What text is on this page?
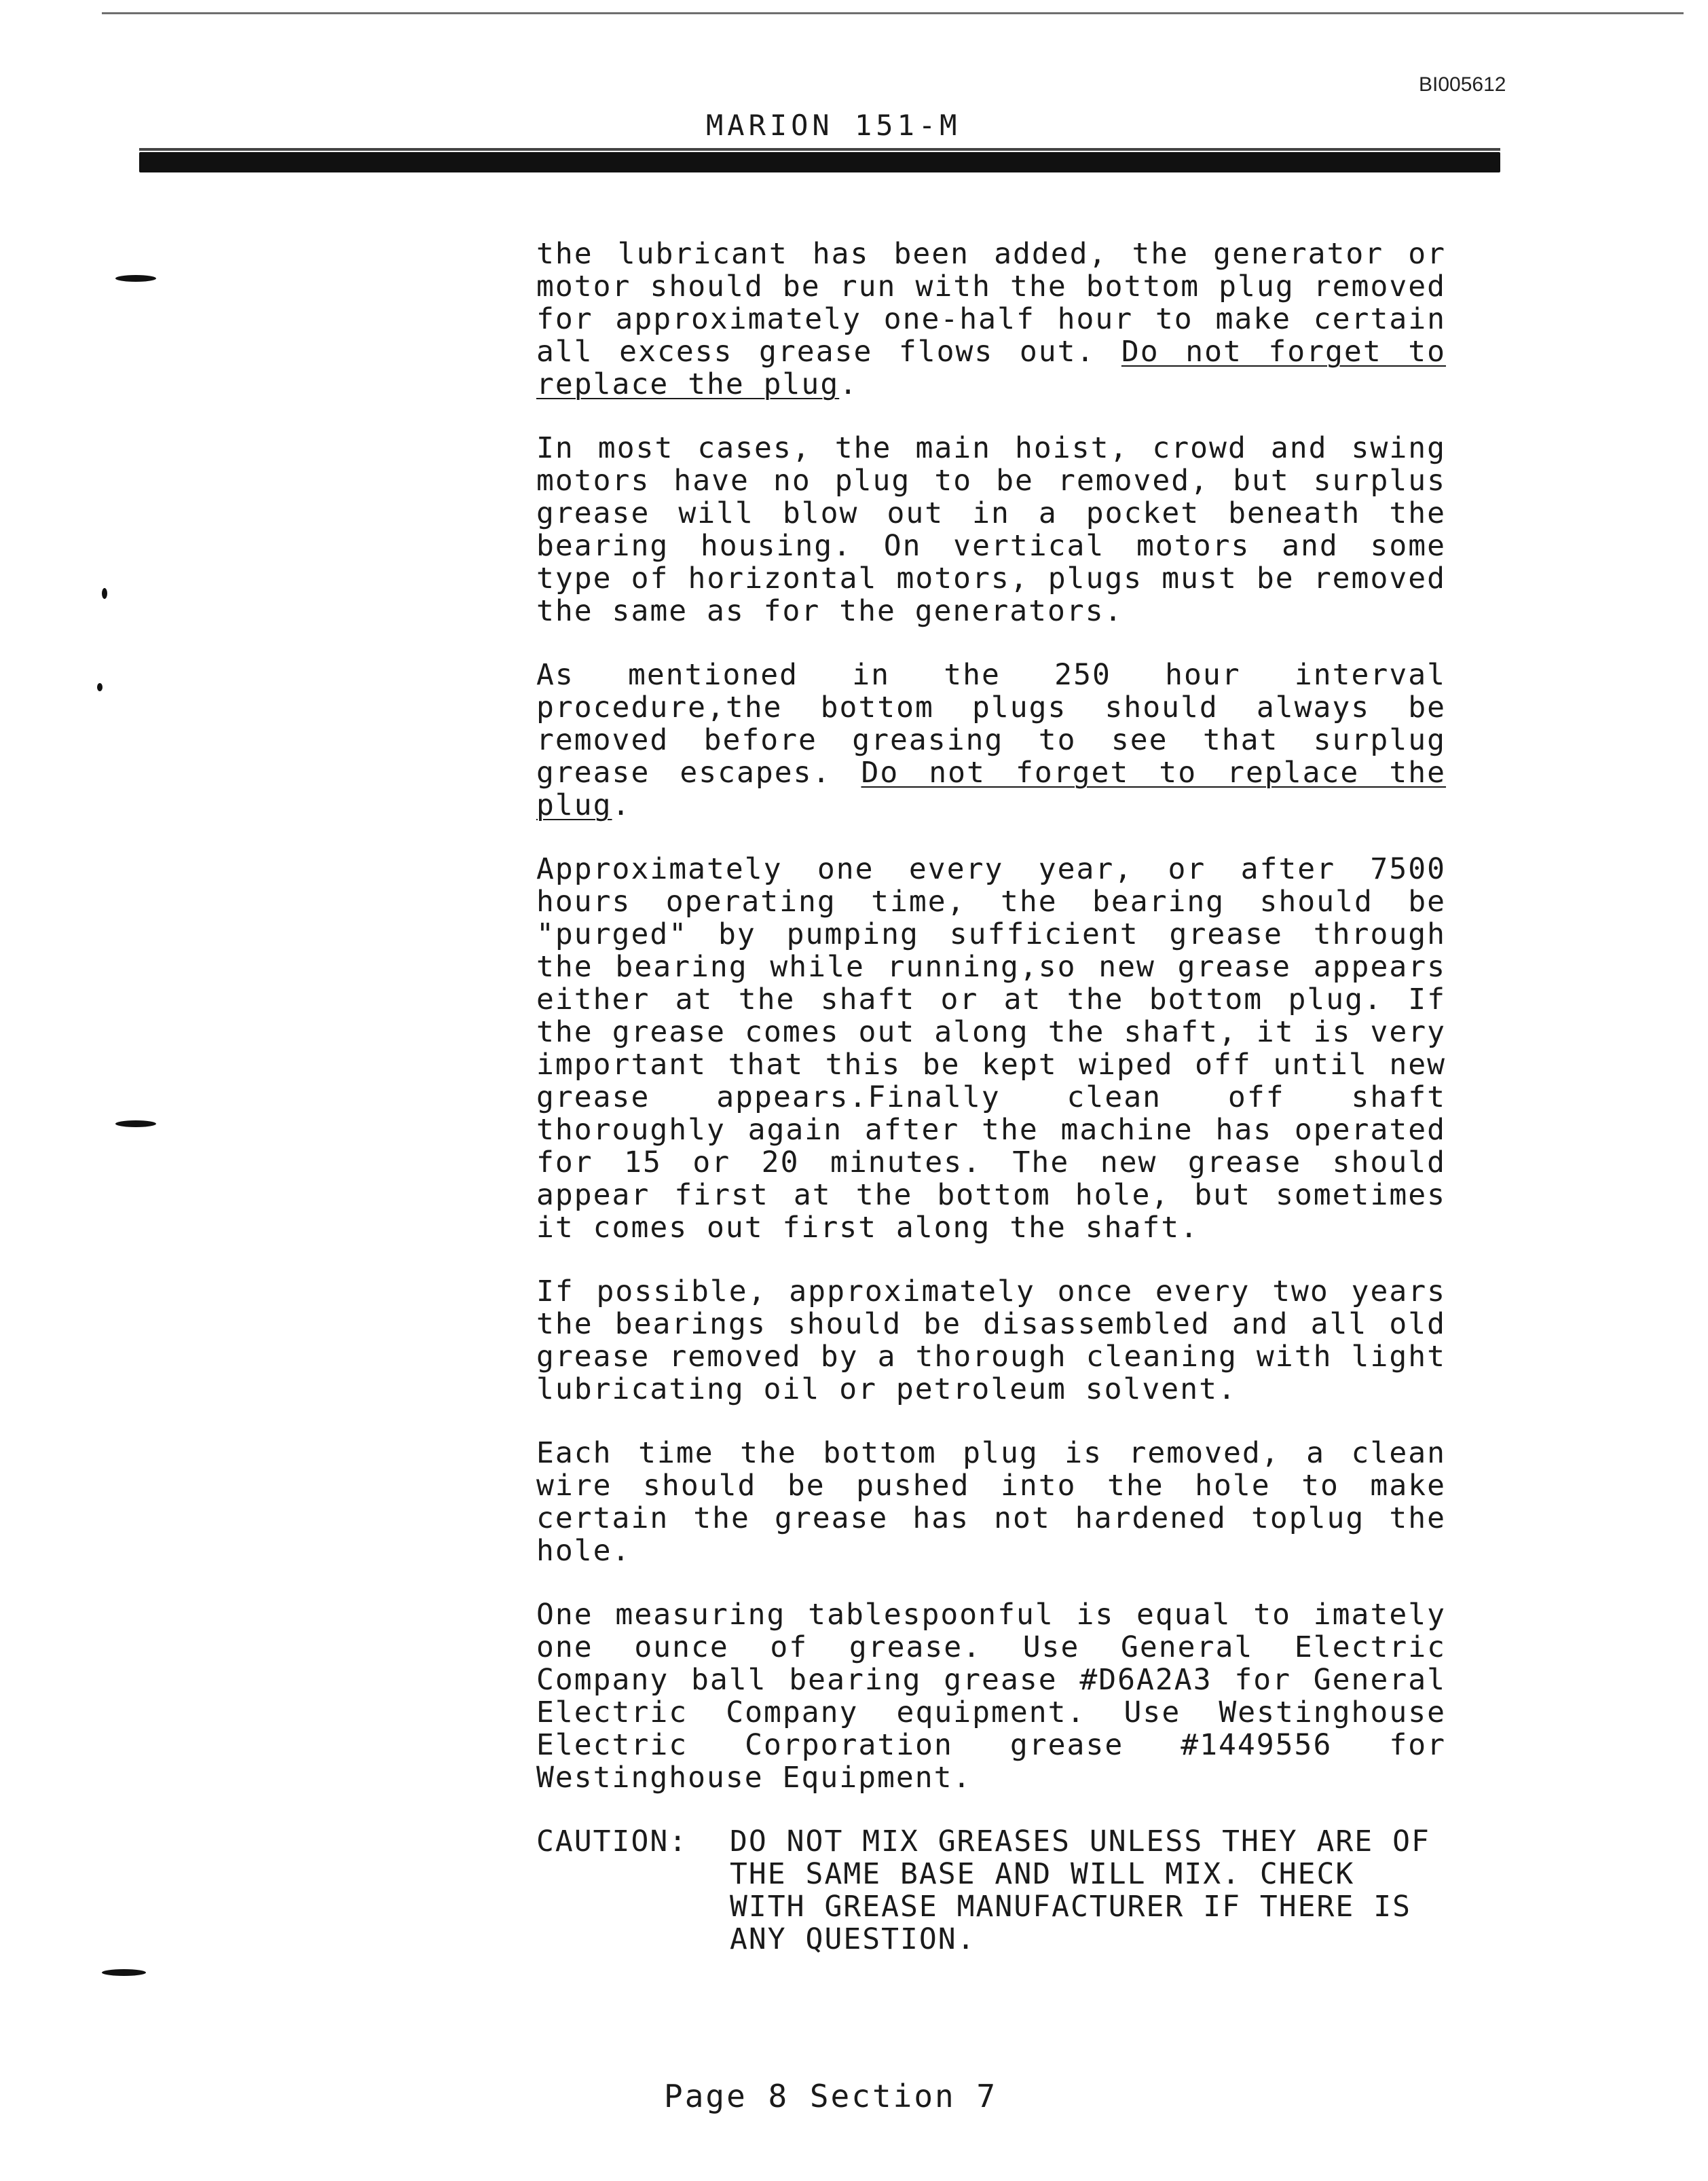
BI005612
MARION 151-M

the lubricant has been added, the generator or motor should be run with the bottom plug removed for approximately one-half hour to make certain all excess grease flows out. Do not forget to replace the plug.

In most cases, the main hoist, crowd and swing motors have no plug to be removed, but surplus grease will blow out in a pocket beneath the bearing housing. On vertical motors and some type of horizontal motors, plugs must be removed the same as for the generators.

As mentioned in the 250 hour interval procedure,the bottom plugs should always be removed before greasing to see that surplug grease escapes. Do not forget to replace the plug.

Approximately one every year, or after 7500 hours operating time, the bearing should be "purged" by pumping sufficient grease through the bearing while running,so new grease appears either at the shaft or at the bottom plug. If the grease comes out along the shaft, it is very important that this be kept wiped off until new grease appears.Finally clean off shaft thoroughly again after the machine has operated for 15 or 20 minutes. The new grease should appear first at the bottom hole, but sometimes it comes out first along the shaft.

If possible, approximately once every two years the bearings should be disassembled and all old grease removed by a thorough cleaning with light lubricating oil or petroleum solvent.

Each time the bottom plug is removed, a clean wire should be pushed into the hole to make certain the grease has not hardened toplug the hole.

One measuring tablespoonful is equal to imately one ounce of grease. Use General Electric Company ball bearing grease #D6A2A3 for General Electric Company equipment. Use Westinghouse Electric Corporation grease #1449556 for Westinghouse Equipment.

CAUTION:	DO NOT MIX GREASES UNLESS THEY ARE OF THE SAME BASE AND WILL MIX. CHECK WITH GREASE MANUFACTURER IF THERE IS ANY QUESTION.
Page 8 Section 7
